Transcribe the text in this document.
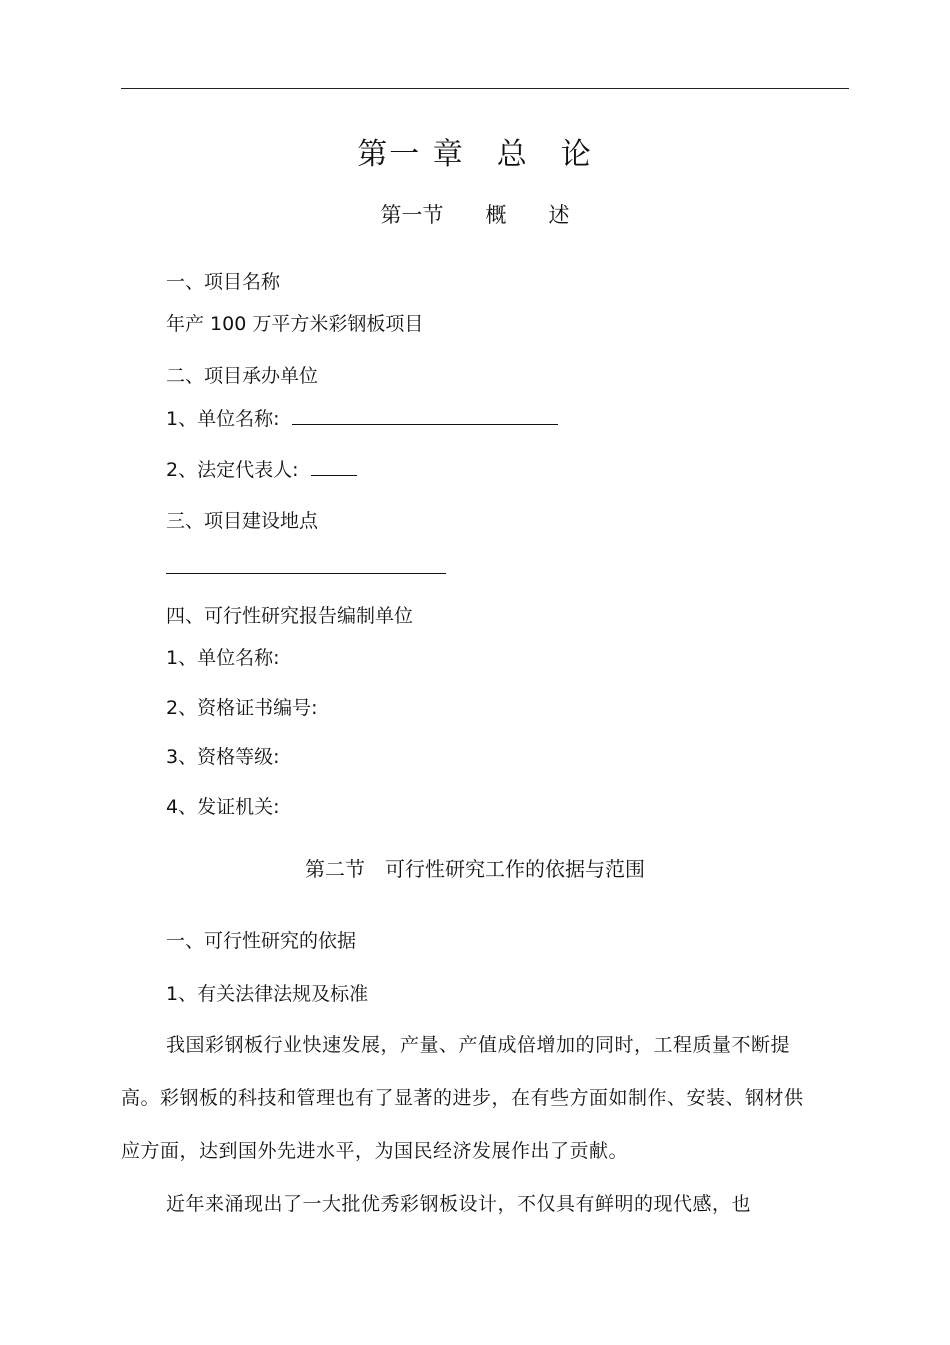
第一 章　总　论
第一节　　概　　述
一、项目名称
年产 100 万平方米彩钢板项目
二、项目承办单位
1、单位名称:
2、法定代表人:
三、项目建设地点
四、可行性研究报告编制单位
1、单位名称:
2、资格证书编号:
3、资格等级:
4、发证机关:
第二节　可行性研究工作的依据与范围
一、可行性研究的依据
1、有关法律法规及标准
我国彩钢板行业快速发展，产量、产值成倍增加的同时，工程质量不断提高。彩钢板的科技和管理也有了显著的进步，在有些方面如制作、安装、钢材供应方面，达到国外先进水平，为国民经济发展作出了贡献。
近年来涌现出了一大批优秀彩钢板设计，不仅具有鲜明的现代感，也
